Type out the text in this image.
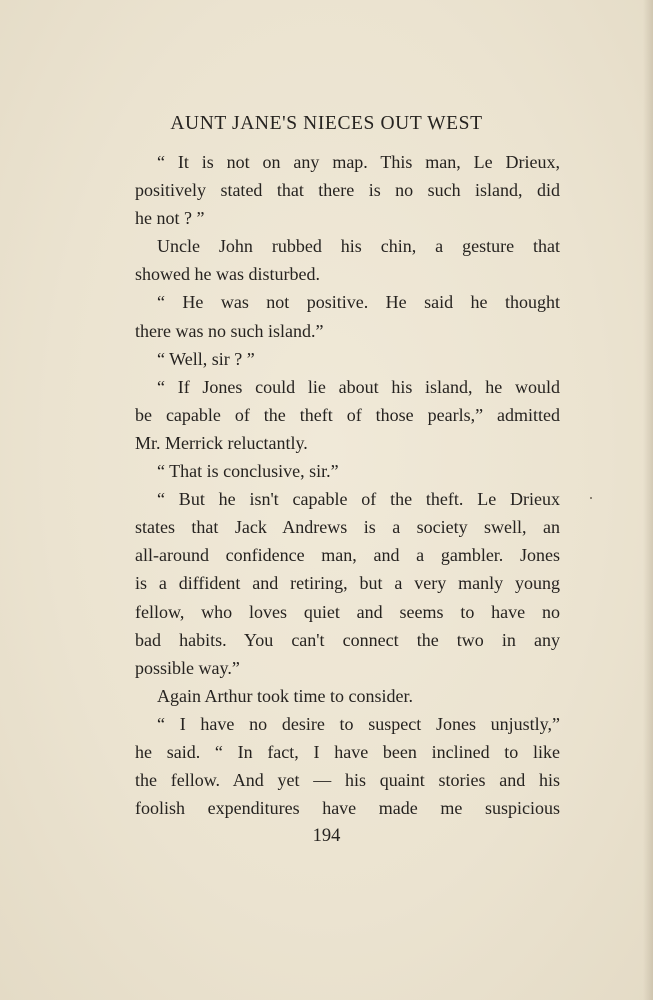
AUNT JANE'S NIECES OUT WEST
“ It is not on any map. This man, Le Drieux,
positively stated that there is no such island, did
he not ? ”
Uncle John rubbed his chin, a gesture that
showed he was disturbed.
“ He was not positive. He said he thought
there was no such island.”
“ Well, sir ? ”
“ If Jones could lie about his island, he would
be capable of the theft of those pearls,” admitted
Mr. Merrick reluctantly.
“ That is conclusive, sir.”
“ But he isn't capable of the theft. Le Drieux
states that Jack Andrews is a society swell, an
all-around confidence man, and a gambler. Jones
is a diffident and retiring, but a very manly young
fellow, who loves quiet and seems to have no
bad habits. You can't connect the two in any
possible way.”
Again Arthur took time to consider.
“ I have no desire to suspect Jones unjustly,”
he said. “ In fact, I have been inclined to like
the fellow. And yet — his quaint stories and his
foolish expenditures have made me suspicious
194
